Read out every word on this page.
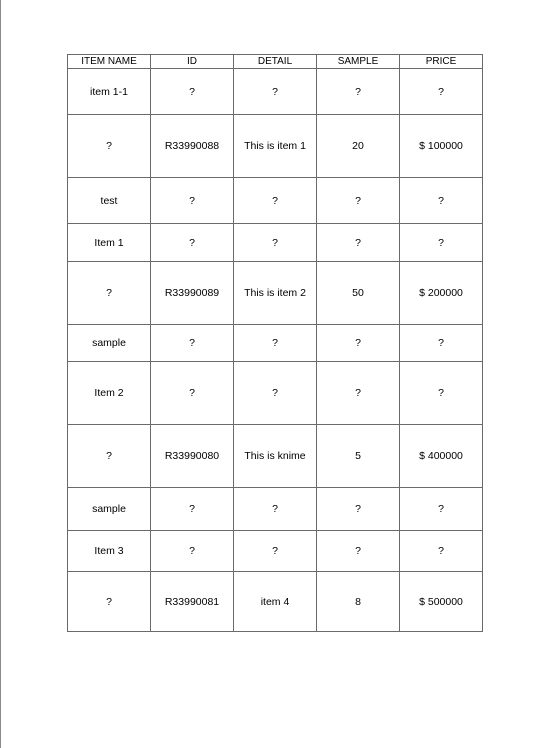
ITEM NAME	ID	DETAIL	SAMPLE	PRICE
item 1-1	?	?	?	?
?	R33990088	This is item 1	20	$ 100000
test	?	?	?	?
Item 1	?	?	?	?
?	R33990089	This is item 2	50	$ 200000
sample	?	?	?	?
Item 2	?	?	?	?
?	R33990080	This is knime	5	$ 400000
sample	?	?	?	?
Item 3	?	?	?	?
?	R33990081	item 4	8	$ 500000
